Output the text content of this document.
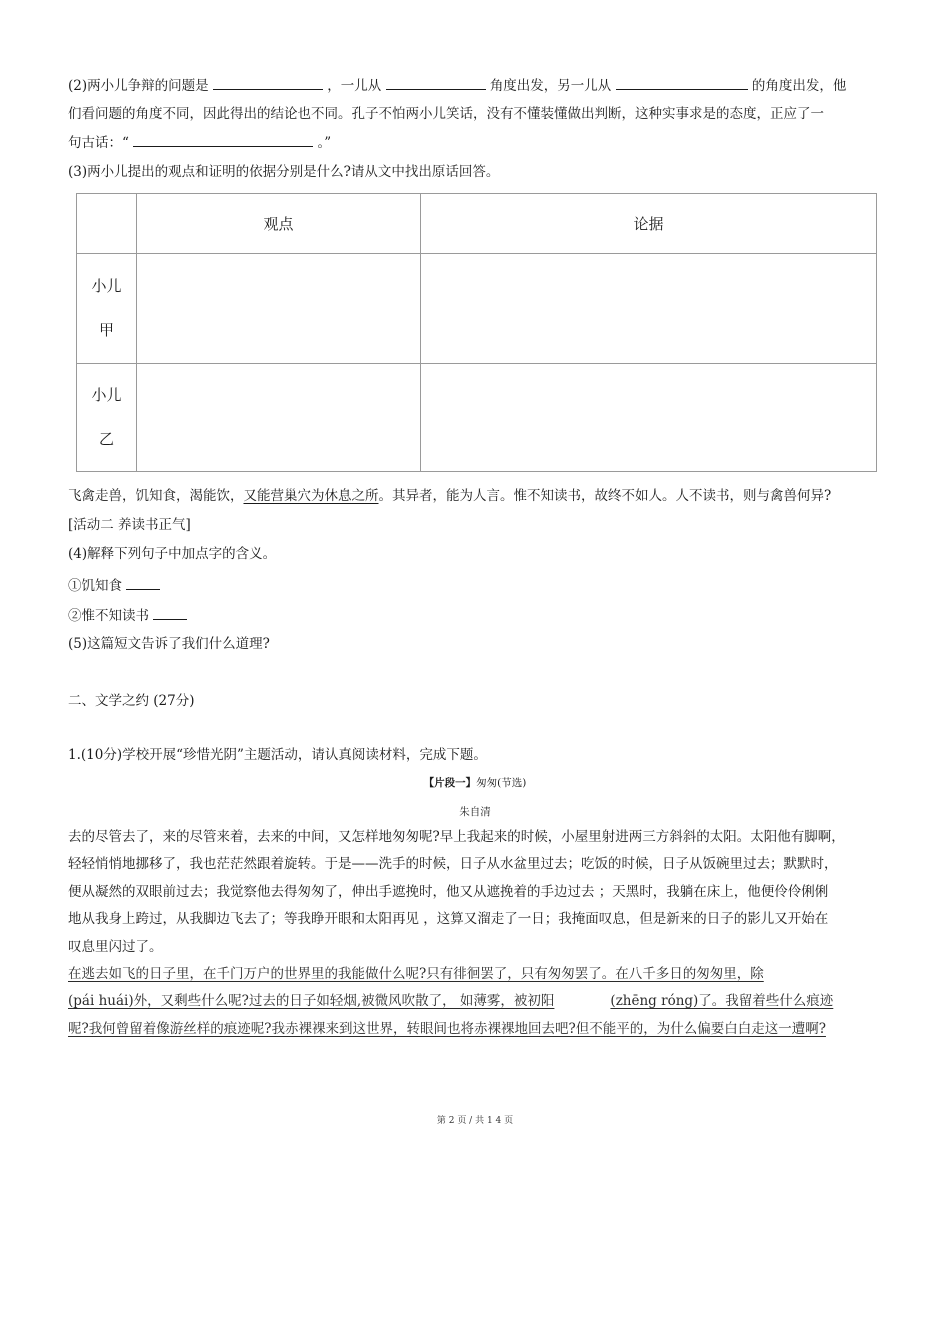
(2)两小儿争辩的问题是	，一儿从	角度出发，另一儿从	的角度出发，他
们看问题的角度不同，因此得出的结论也不同。孔子不怕两小儿笑话，没有不懂装懂做出判断，这种实事求是的态度，正应了一
句古话：“	。”
(3)两小儿提出的观点和证明的依据分别是什么?请从文中找出原话回答。
	观点	论据
小儿
甲		
小儿
乙		
飞禽走兽，饥知食，渴能饮，又能营巢穴为休息之所。其异者，能为人言。惟不知读书，故终不如人。人不读书，则与禽兽何异?
[活动二 养读书正气]
(4)解释下列句子中加点字的含义。
①饥知食
②惟不知读书
(5)这篇短文告诉了我们什么道理?
二、文学之约 (27分)
1.(10分)学校开展“珍惜光阴”主题活动，请认真阅读材料，完成下题。
【片段一】匆匆(节选)
朱自清
去的尽管去了，来的尽管来着，去来的中间，又怎样地匆匆呢?早上我起来的时候，小屋里射进两三方斜斜的太阳。太阳他有脚啊，
轻轻悄悄地挪移了，我也茫茫然跟着旋转。于是——洗手的时候，日子从水盆里过去；吃饭的时候，日子从饭碗里过去；默默时，
便从凝然的双眼前过去；我觉察他去得匆匆了，伸出手遮挽时，他又从遮挽着的手边过去 ；天黑时，我躺在床上，他便伶伶俐俐
地从我身上跨过，从我脚边飞去了；等我睁开眼和太阳再见 ，这算又溜走了一日；我掩面叹息，但是新来的日子的影儿又开始在
叹息里闪过了。
在逃去如飞的日子里，在千门万户的世界里的我能做什么呢?只有徘徊罢了，只有匆匆罢了。在八千多日的匆匆里，除
(pái huái)外，又剩些什么呢?过去的日子如轻烟,被微风吹散了， 如薄雾，被初阳	(zhēng róng)了。我留着些什么痕迹
呢?我何曾留着像游丝样的痕迹呢?我赤裸裸来到这世界，转眼间也将赤裸裸地回去吧?但不能平的，为什么偏要白白走这一遭啊?
第 2 页 / 共 1 4 页
